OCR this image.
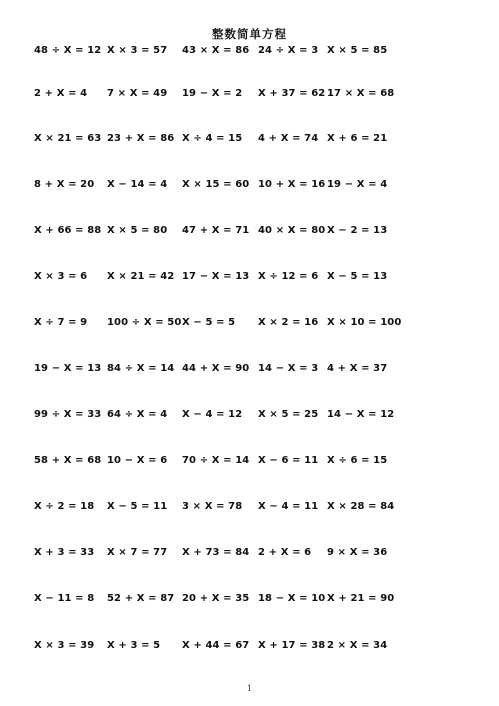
整数简单方程
48 ÷ X = 12 X × 3 = 57 43 × X = 86 24 ÷ X = 3 X × 5 = 85
2 + X = 4 7 × X = 49 19 − X = 2 X + 37 = 62 17 × X = 68
X × 21 = 63 23 + X = 86 X ÷ 4 = 15 4 + X = 74 X + 6 = 21
8 + X = 20 X − 14 = 4 X × 15 = 60 10 + X = 16 19 − X = 4
X + 66 = 88 X × 5 = 80 47 + X = 71 40 × X = 80 X − 2 = 13
X × 3 = 6 X × 21 = 42 17 − X = 13 X ÷ 12 = 6 X − 5 = 13
X ÷ 7 = 9 100 ÷ X = 50 X − 5 = 5 X × 2 = 16 X × 10 = 100
19 − X = 13 84 ÷ X = 14 44 + X = 90 14 − X = 3 4 + X = 37
99 ÷ X = 33 64 ÷ X = 4 X − 4 = 12 X × 5 = 25 14 − X = 12
58 + X = 68 10 − X = 6 70 ÷ X = 14 X − 6 = 11 X ÷ 6 = 15
X ÷ 2 = 18 X − 5 = 11 3 × X = 78 X − 4 = 11 X × 28 = 84
X + 3 = 33 X × 7 = 77 X + 73 = 84 2 + X = 6 9 × X = 36
X − 11 = 8 52 + X = 87 20 + X = 35 18 − X = 10 X + 21 = 90
X × 3 = 39 X + 3 = 5 X + 44 = 67 X + 17 = 38 2 × X = 34
1
